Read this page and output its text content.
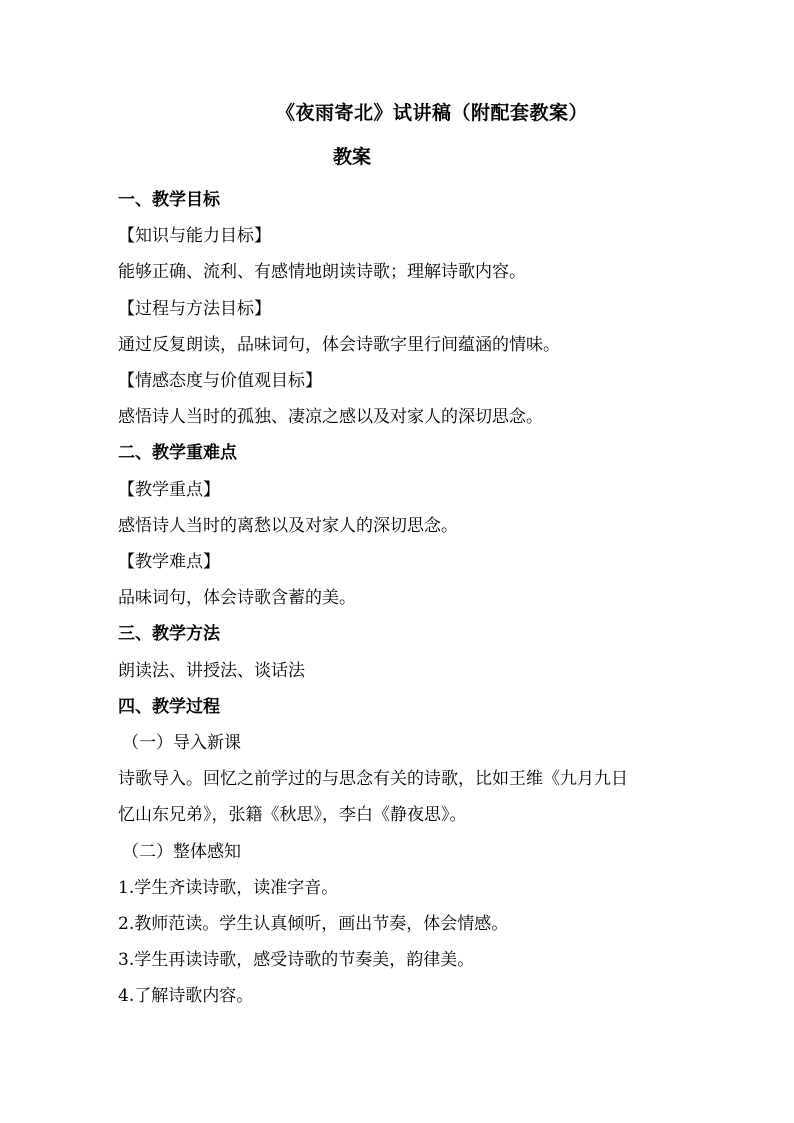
《夜雨寄北》试讲稿（附配套教案）
教案
一、教学目标
【知识与能力目标】
能够正确、流利、有感情地朗读诗歌；理解诗歌内容。
【过程与方法目标】
通过反复朗读，品味词句，体会诗歌字里行间蕴涵的情味。
【情感态度与价值观目标】
感悟诗人当时的孤独、凄凉之感以及对家人的深切思念。
二、教学重难点
【教学重点】
感悟诗人当时的离愁以及对家人的深切思念。
【教学难点】
品味词句，体会诗歌含蓄的美。
三、教学方法
朗读法、讲授法、谈话法
四、教学过程
（一）导入新课
诗歌导入。回忆之前学过的与思念有关的诗歌，比如王维《九月九日
忆山东兄弟》，张籍《秋思》，李白《静夜思》。
（二）整体感知
1.学生齐读诗歌，读准字音。
2.教师范读。学生认真倾听，画出节奏，体会情感。
3.学生再读诗歌，感受诗歌的节奏美，韵律美。
4.了解诗歌内容。
